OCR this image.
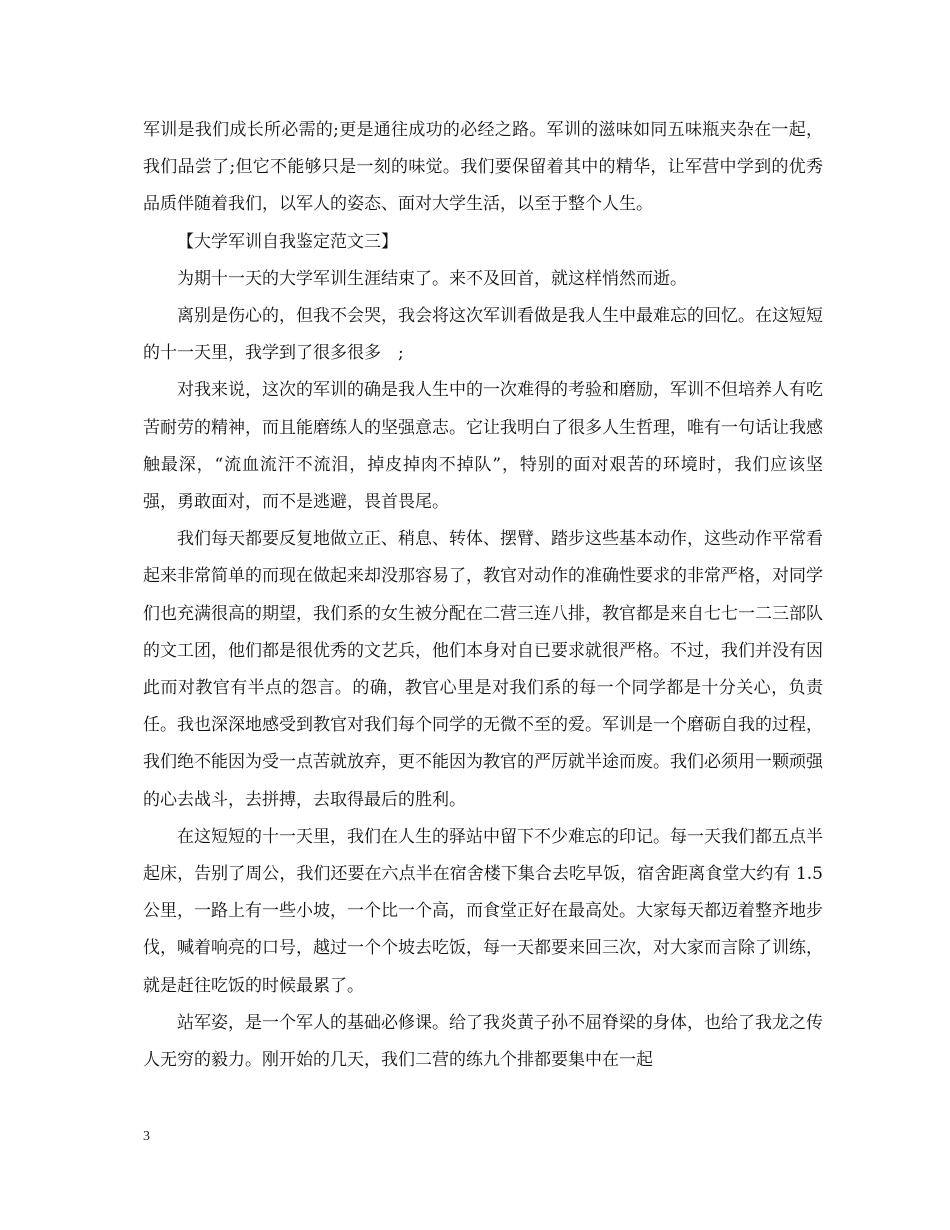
军训是我们成长所必需的;更是通往成功的必经之路。军训的滋味如同五味瓶夹杂在一起，我们品尝了;但它不能够只是一刻的味觉。我们要保留着其中的精华，让军营中学到的优秀品质伴随着我们，以军人的姿态、面对大学生活，以至于整个人生。

【大学军训自我鉴定范文三】

为期十一天的大学军训生涯结束了。来不及回首，就这样悄然而逝。

离别是伤心的，但我不会哭，我会将这次军训看做是我人生中最难忘的回忆。在这短短的十一天里，我学到了很多很多　;

对我来说，这次的军训的确是我人生中的一次难得的考验和磨励，军训不但培养人有吃苦耐劳的精神，而且能磨练人的坚强意志。它让我明白了很多人生哲理，唯有一句话让我感触最深，“流血流汗不流泪，掉皮掉肉不掉队”，特别的面对艰苦的环境时，我们应该坚强，勇敢面对，而不是逃避，畏首畏尾。

我们每天都要反复地做立正、稍息、转体、摆臂、踏步这些基本动作，这些动作平常看起来非常简单的而现在做起来却没那容易了，教官对动作的准确性要求的非常严格，对同学们也充满很高的期望，我们系的女生被分配在二营三连八排，教官都是来自七七一二三部队的文工团，他们都是很优秀的文艺兵，他们本身对自已要求就很严格。不过，我们并没有因此而对教官有半点的怨言。的确，教官心里是对我们系的每一个同学都是十分关心，负责任。我也深深地感受到教官对我们每个同学的无微不至的爱。军训是一个磨砺自我的过程，我们绝不能因为受一点苦就放弃，更不能因为教官的严厉就半途而废。我们必须用一颗顽强的心去战斗，去拼搏，去取得最后的胜利。

在这短短的十一天里，我们在人生的驿站中留下不少难忘的印记。每一天我们都五点半起床，告别了周公，我们还要在六点半在宿舍楼下集合去吃早饭，宿舍距离食堂大约有 1.5 公里，一路上有一些小坡，一个比一个高，而食堂正好在最高处。大家每天都迈着整齐地步伐，喊着响亮的口号，越过一个个坡去吃饭，每一天都要来回三次，对大家而言除了训练，就是赶往吃饭的时候最累了。

站军姿，是一个军人的基础必修课。给了我炎黄子孙不屈脊梁的身体，也给了我龙之传人无穷的毅力。刚开始的几天，我们二营的练九个排都要集中在一起

3
